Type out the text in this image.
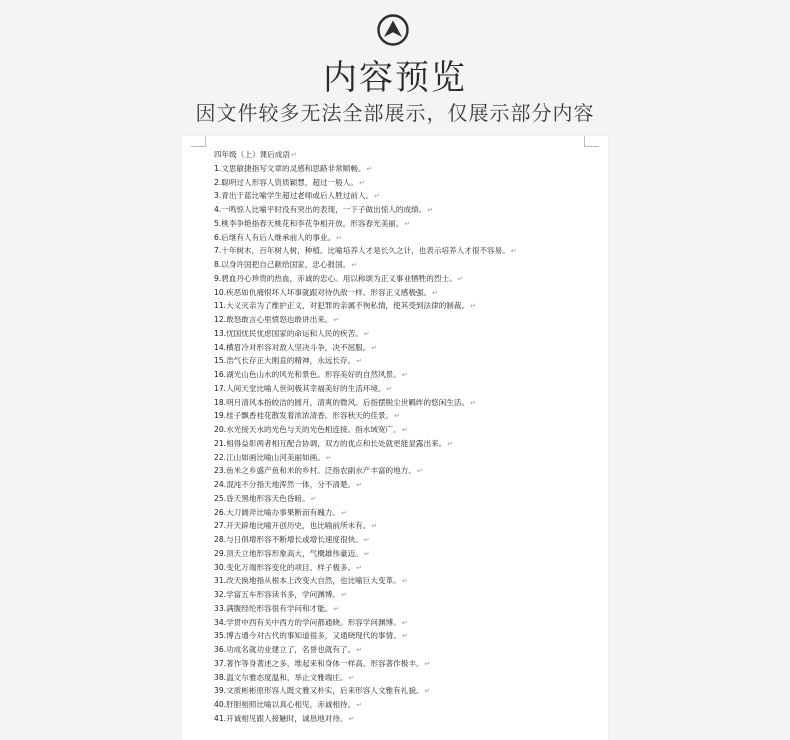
内容预览
因文件较多无法全部展示，仅展示部分内容
四年级（上）课后成语↵
1.文思敏捷指写文章的灵感和思路非常顺畅。↵
2.聪明过人形容人资质颖慧，超过一般人。↵
3.青出于蓝比喻学生超过老师或后人胜过前人。↵
4.一鸣惊人比喻平时没有突出的表现，一下子做出惊人的成绩。↵
5.桃李争艳指春天桃花和李花争相开放。形容春光美丽。↵
6.后继有人有后人继承前人的事业。↵
7.十年树木，百年树人树，种植。比喻培养人才是长久之计，也表示培养人才很不容易。↵
8.以身许国把自己献给国家，忠心报国。↵
9.碧血丹心珍贵的热血，赤诚的忠心。用以称颂为正义事业牺牲的烈士。↵
10.疾恶如仇痛恨坏人坏事就跟对待仇敌一样。形容正义感极强。↵
11.大义灭亲为了维护正义，对犯罪的亲属不徇私情，使其受到法律的制裁。↵
12.敢怒敢言心里愤怒也敢讲出来。↵
13.忧国忧民忧虑国家的命运和人民的疾苦。↵
14.横眉冷对形容对敌人坚决斗争，决不屈服。↵
15.浩气长存正大刚直的精神，永远长存。↵
16.湖光山色山水的风光和景色。形容美好的自然风景。↵
17.人间天堂比喻人世间极其幸福美好的生活环境。↵
18.明月清风本指皎洁的圆月，清爽的微风。后指摆脱尘世羁绊的悠闲生活。↵
19.桂子飘香桂花散发着浓浓清香。形容秋天的佳景。↵
20.水光接天水的光色与天的光色相连接。指水域宽广。↵
21.相得益彰两者相互配合协调，双方的优点和长处就更能显露出来。↵
22.江山如画比喻山河美丽如画。↵
23.鱼米之乡盛产鱼和米的乡村。泛指农副水产丰富的地方。↵
24.混沌不分指天地浑然一体，分不清楚。↵
25.昏天黑地形容天色昏暗。↵
26.大刀阔斧比喻办事果断而有魄力。↵
27.开天辟地比喻开创历史，也比喻前所未有。↵
28.与日俱增形容不断增长或增长速度很快。↵
29.顶天立地形容形象高大，气概雄伟豪迈。↵
30.变化万端形容变化的项目、样子极多。↵
31.改天换地指从根本上改变大自然，也比喻巨大变革。↵
32.学富五车形容读书多，学问渊博。↵
33.满腹经纶形容很有学问和才能。↵
34.学贯中西有关中西方的学问都通晓。形容学问渊博。↵
35.博古通今对古代的事知道很多，又通晓现代的事情。↵
36.功成名就功业建立了，名誉也就有了。↵
37.著作等身著述之多，堆起来和身体一样高。形容著作极丰。↵
38.温文尔雅态度温和，举止文雅端庄。↵
39.文质彬彬原形容人既文雅又朴实，后来形容人文雅有礼貌。↵
40.肝胆相照比喻以真心相见，赤诚相待。↵
41.开诚相见跟人接触时，诚恳地对待。↵
